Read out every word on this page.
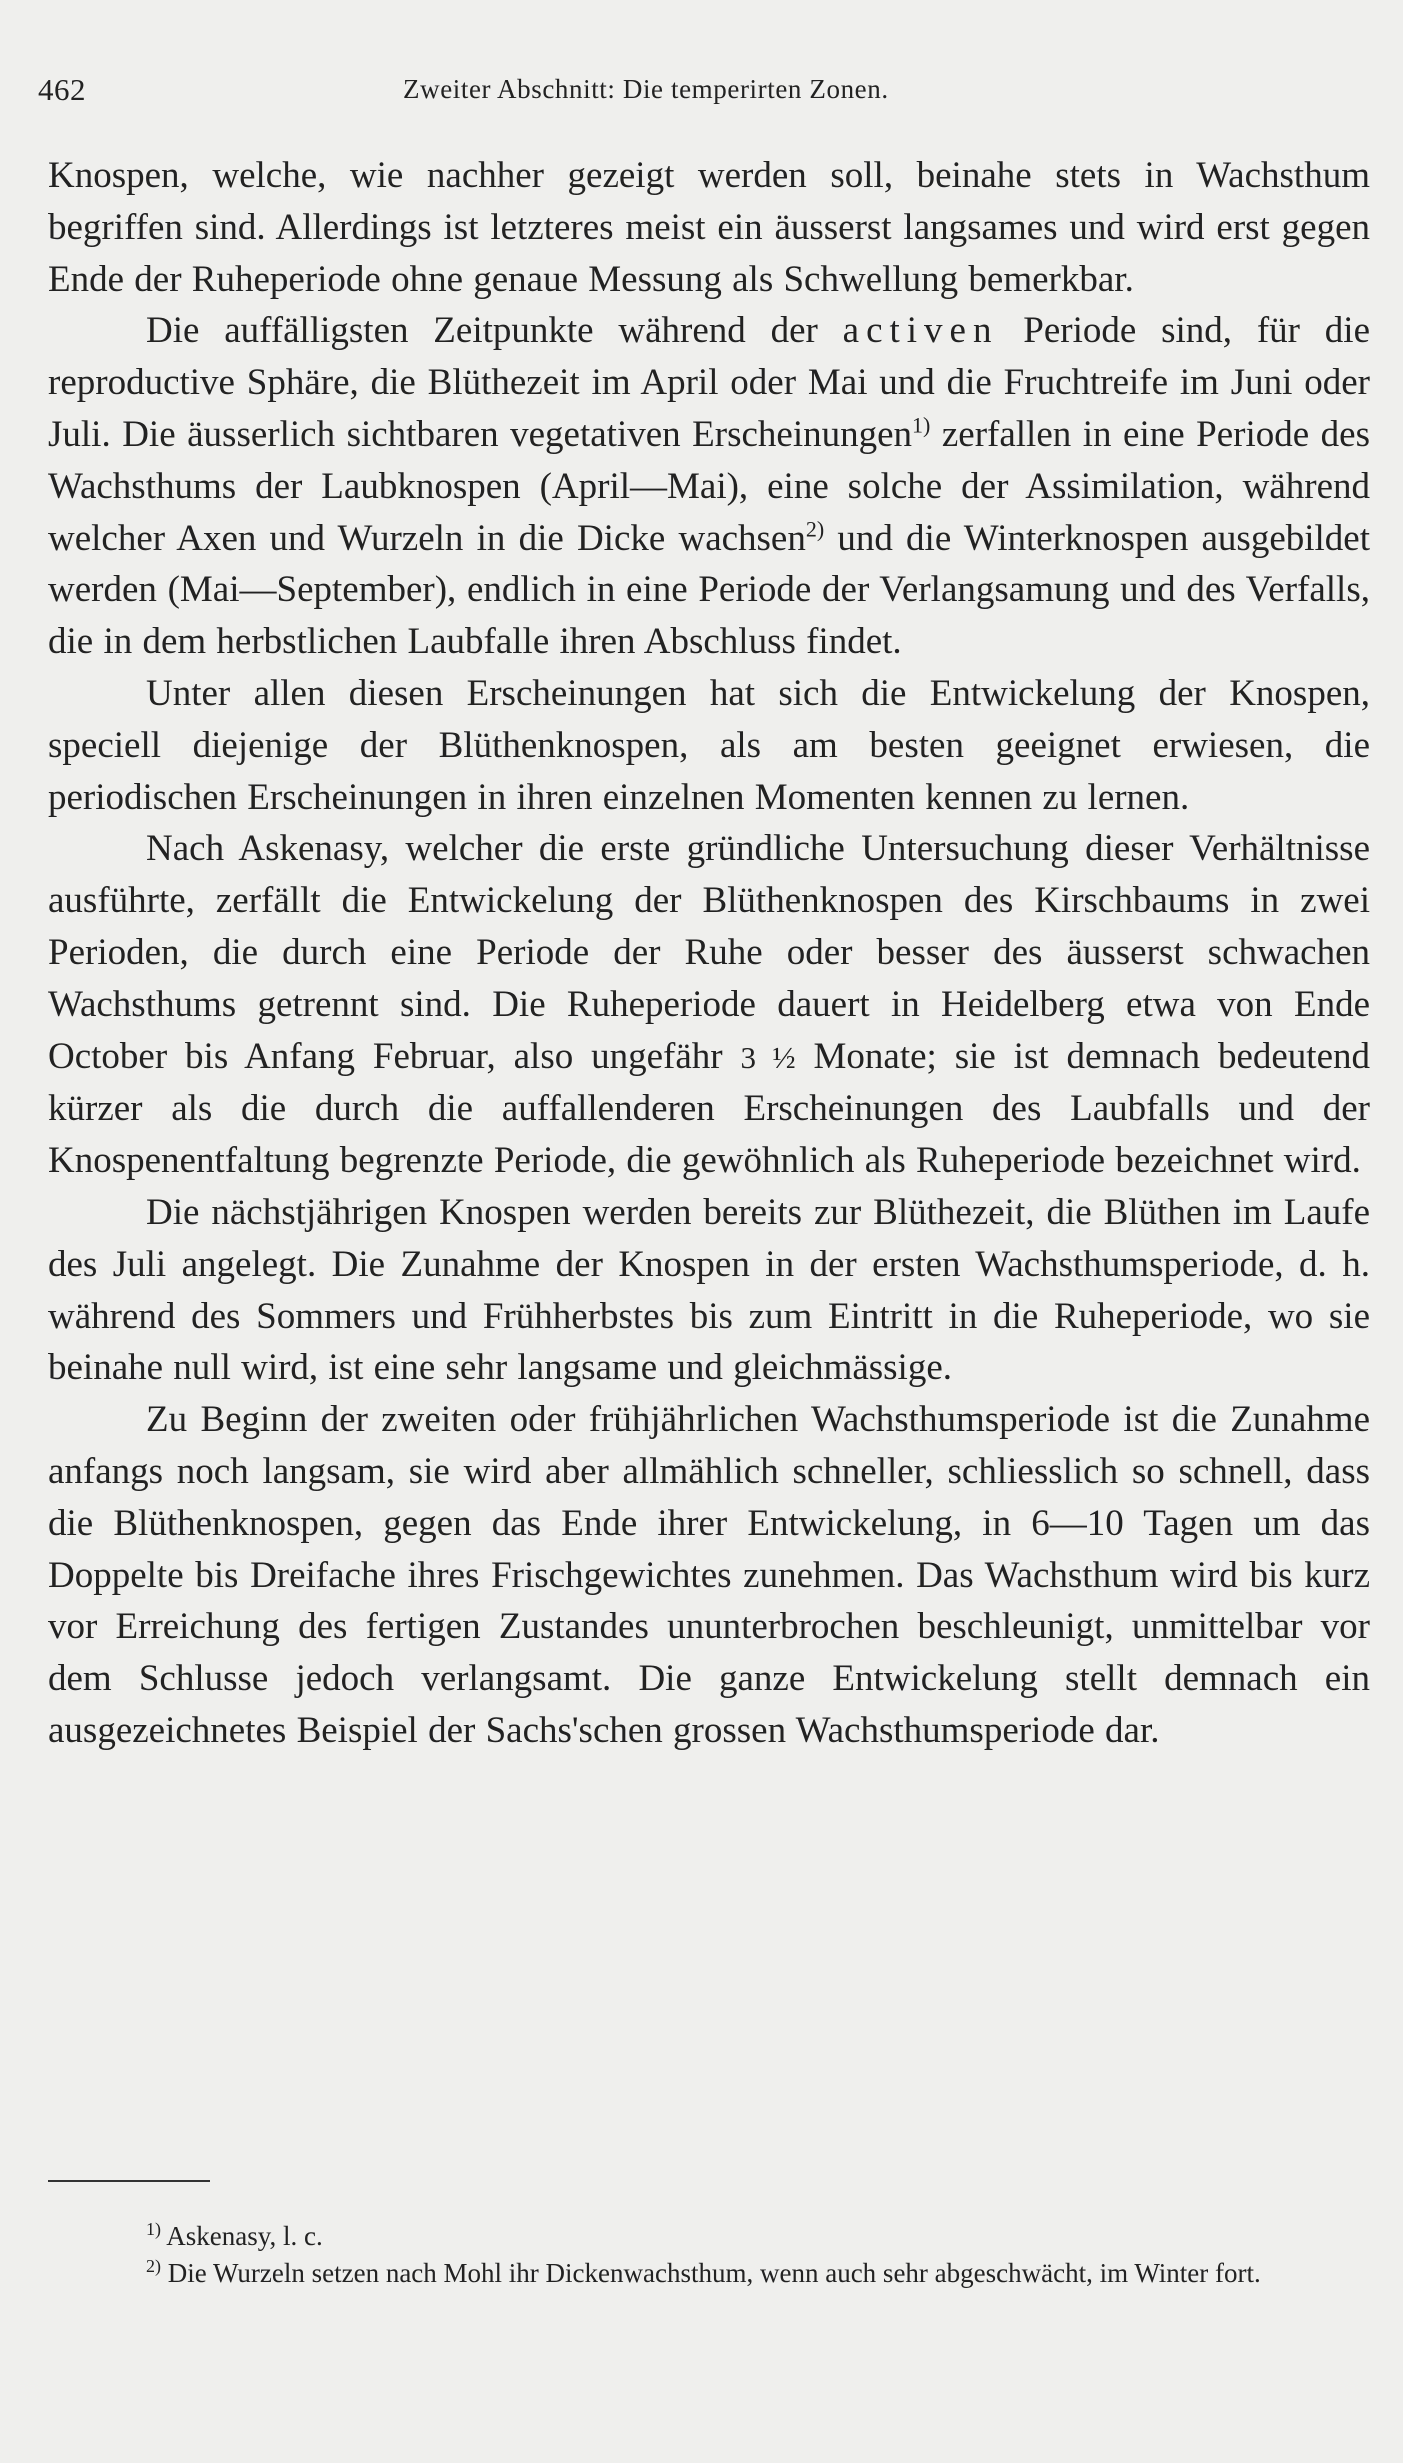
462	Zweiter Abschnitt: Die temperirten Zonen.

Knospen, welche, wie nachher gezeigt werden soll, beinahe stets in Wachsthum begriffen sind. Allerdings ist letzteres meist ein äusserst langsames und wird erst gegen Ende der Ruheperiode ohne genaue Messung als Schwellung bemerkbar.

Die auffälligsten Zeitpunkte während der activen Periode sind, für die reproductive Sphäre, die Blüthezeit im April oder Mai und die Fruchtreife im Juni oder Juli. Die äusserlich sichtbaren vegetativen Erscheinungen$^{1)}$ zerfallen in eine Periode des Wachsthums der Laubknospen (April—Mai), eine solche der Assimilation, während welcher Axen und Wurzeln in die Dicke wachsen$^{2)}$ und die Winterknospen ausgebildet werden (Mai—September), endlich in eine Periode der Verlangsamung und des Verfalls, die in dem herbstlichen Laubfalle ihren Abschluss findet.

Unter allen diesen Erscheinungen hat sich die Entwickelung der Knospen, speciell diejenige der Blüthenknospen, als am besten geeignet erwiesen, die periodischen Erscheinungen in ihren einzelnen Momenten kennen zu lernen.

Nach Askenasy, welcher die erste gründliche Untersuchung dieser Verhältnisse ausführte, zerfällt die Entwickelung der Blüthenknospen des Kirschbaums in zwei Perioden, die durch eine Periode der Ruhe oder besser des äusserst schwachen Wachsthums getrennt sind. Die Ruheperiode dauert in Heidelberg etwa von Ende October bis Anfang Februar, also ungefähr 3 ½ Monate; sie ist demnach bedeutend kürzer als die durch die auffallenderen Erscheinungen des Laubfalls und der Knospenentfaltung begrenzte Periode, die gewöhnlich als Ruheperiode bezeichnet wird.

Die nächstjährigen Knospen werden bereits zur Blüthezeit, die Blüthen im Laufe des Juli angelegt. Die Zunahme der Knospen in der ersten Wachsthumsperiode, d. h. während des Sommers und Frühherbstes bis zum Eintritt in die Ruheperiode, wo sie beinahe null wird, ist eine sehr langsame und gleichmässige.

Zu Beginn der zweiten oder frühjährlichen Wachsthumsperiode ist die Zunahme anfangs noch langsam, sie wird aber allmählich schneller, schliesslich so schnell, dass die Blüthenknospen, gegen das Ende ihrer Entwickelung, in 6—10 Tagen um das Doppelte bis Dreifache ihres Frischgewichtes zunehmen. Das Wachsthum wird bis kurz vor Erreichung des fertigen Zustandes ununterbrochen beschleunigt, unmittelbar vor dem Schlusse jedoch verlangsamt. Die ganze Entwickelung stellt demnach ein ausgezeichnetes Beispiel der Sachs'schen grossen Wachsthumsperiode dar.

$^{1)}$ Askenasy, l. c.

$^{2)}$ Die Wurzeln setzen nach Mohl ihr Dickenwachsthum, wenn auch sehr abgeschwächt, im Winter fort.
